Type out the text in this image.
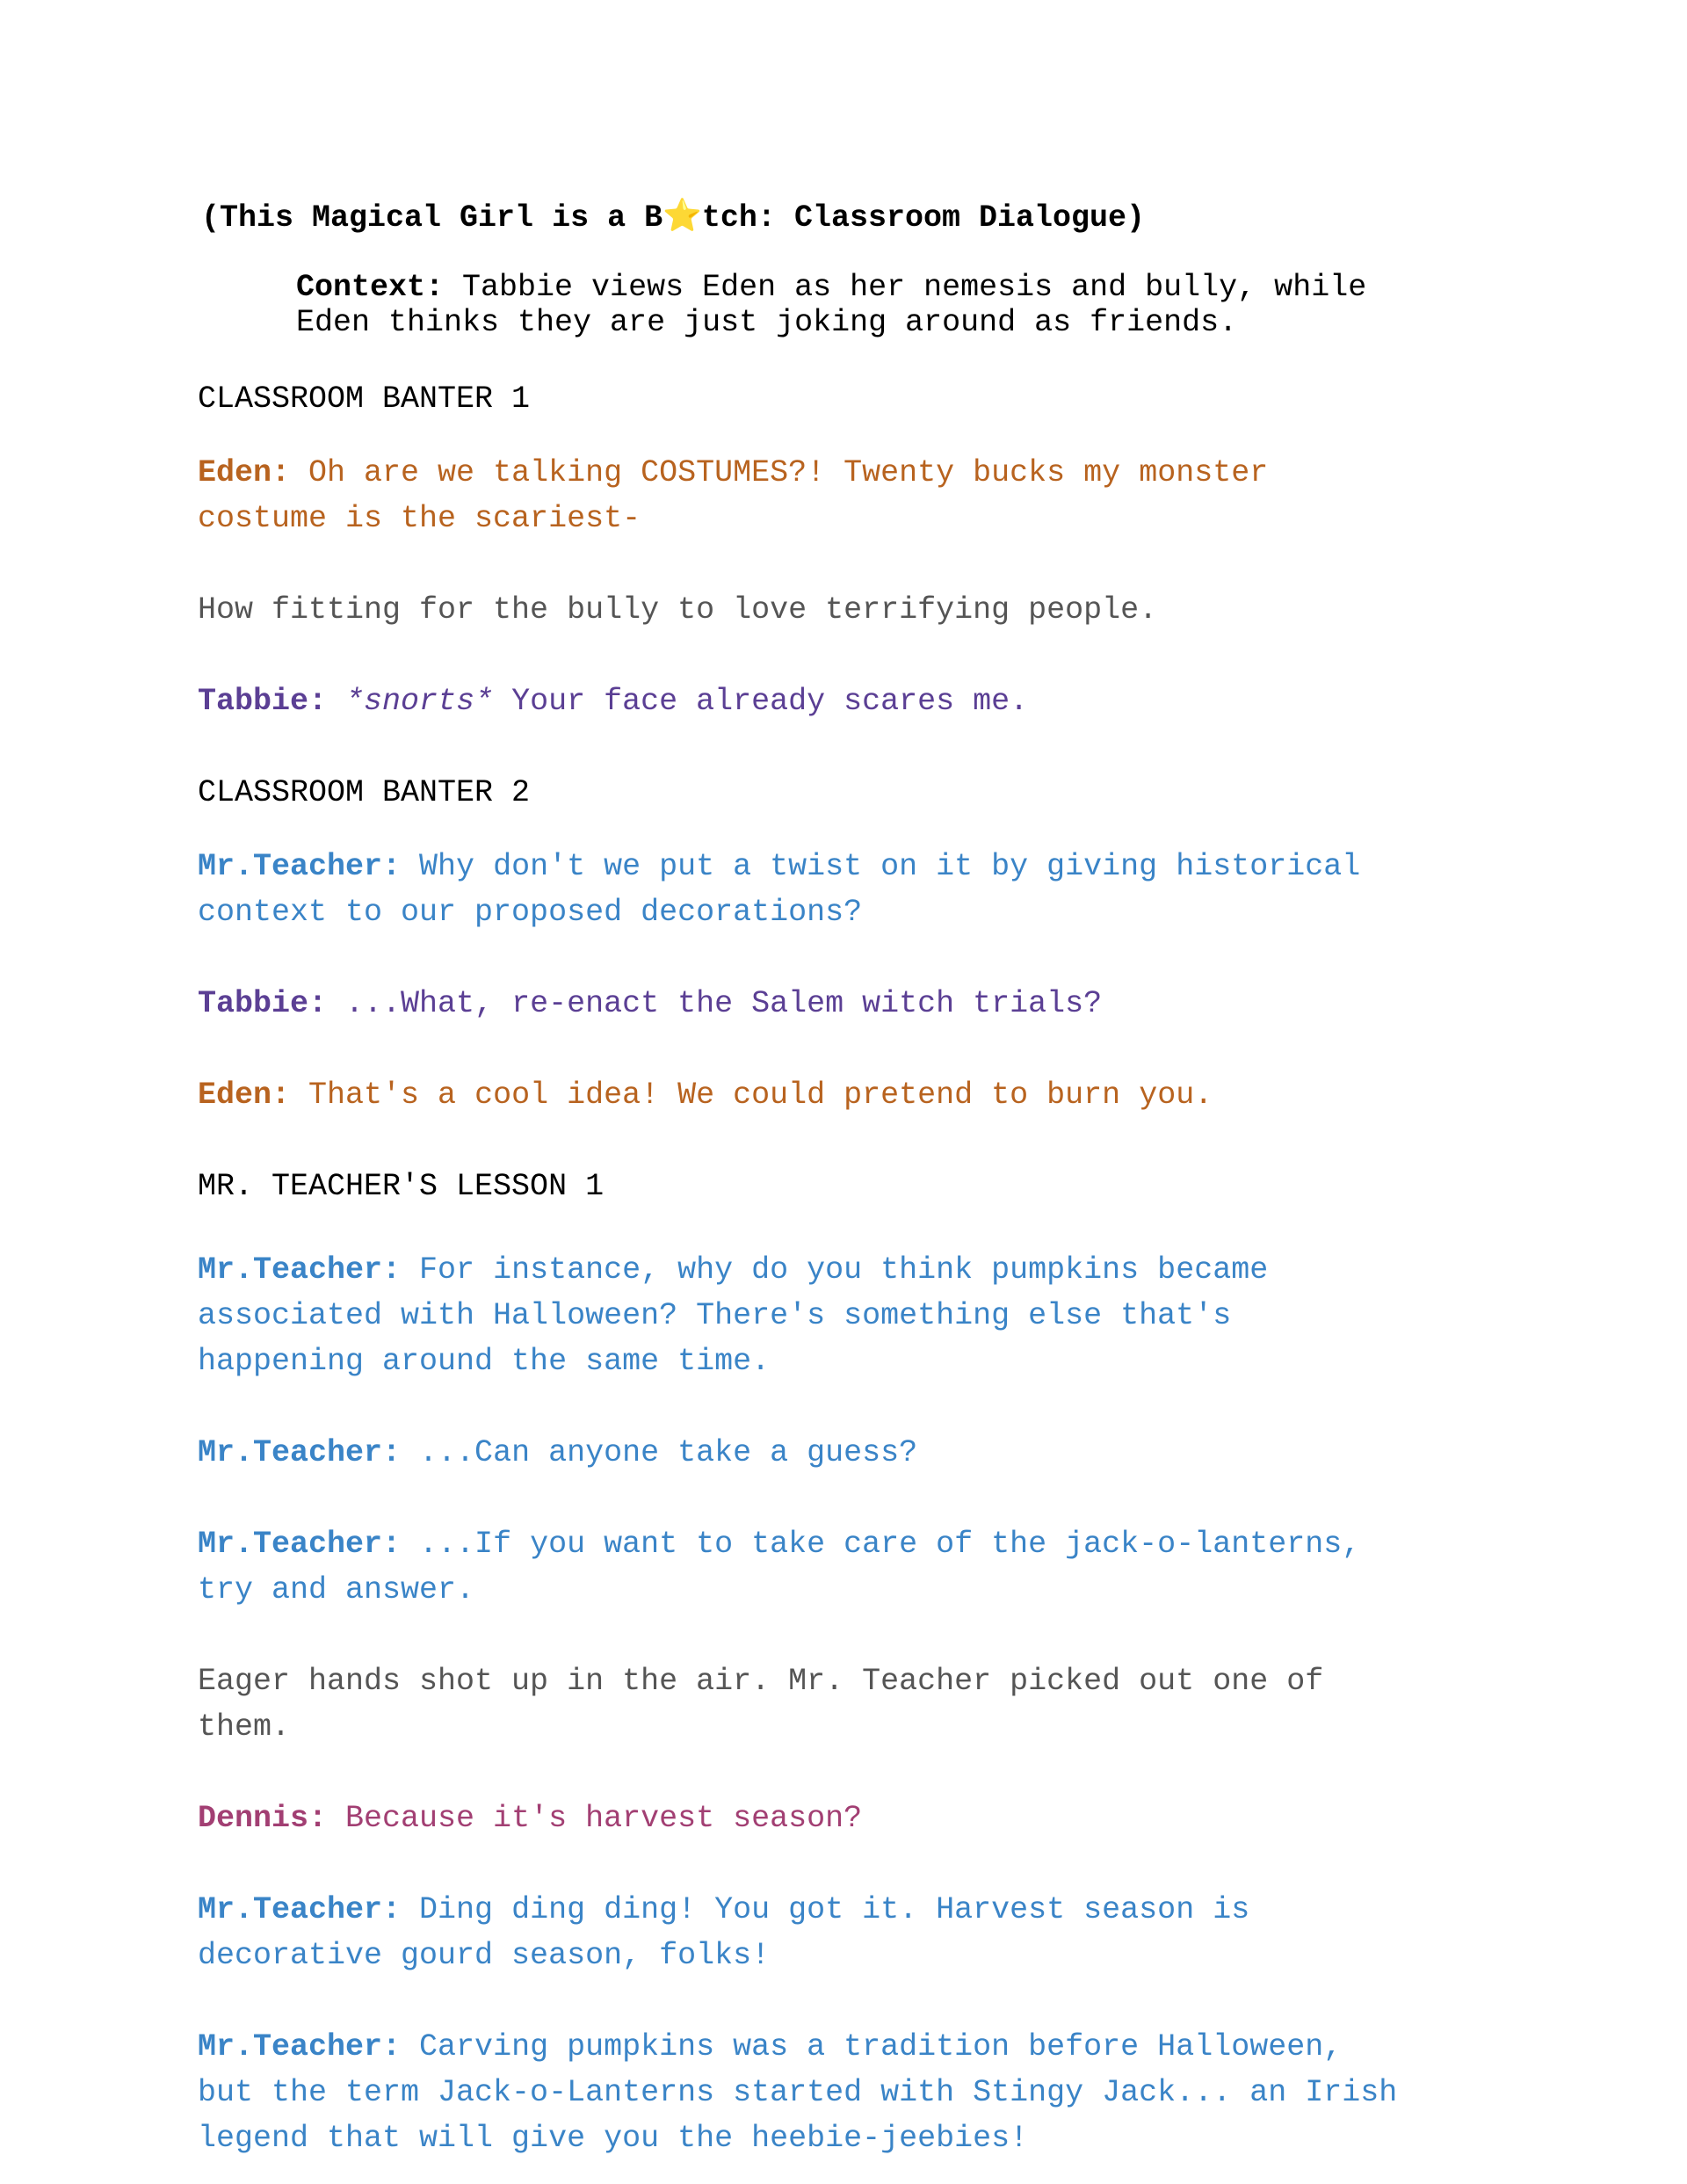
(This Magical Girl is a B⭐tch: Classroom Dialogue)
Context: Tabbie views Eden as her nemesis and bully, while
Eden thinks they are just joking around as friends.
CLASSROOM BANTER 1
Eden: Oh are we talking COSTUMES?! Twenty bucks my monster
costume is the scariest-
How fitting for the bully to love terrifying people.
Tabbie: *snorts* Your face already scares me.
CLASSROOM BANTER 2
Mr.Teacher: Why don't we put a twist on it by giving historical
context to our proposed decorations?
Tabbie: ...What, re-enact the Salem witch trials?
Eden: That's a cool idea! We could pretend to burn you.
MR. TEACHER'S LESSON 1
Mr.Teacher: For instance, why do you think pumpkins became
associated with Halloween? There's something else that's
happening around the same time.
Mr.Teacher: ...Can anyone take a guess?
Mr.Teacher: ...If you want to take care of the jack-o-lanterns,
try and answer.
Eager hands shot up in the air. Mr. Teacher picked out one of
them.
Dennis: Because it's harvest season?
Mr.Teacher: Ding ding ding! You got it. Harvest season is
decorative gourd season, folks!
Mr.Teacher: Carving pumpkins was a tradition before Halloween,
but the term Jack-o-Lanterns started with Stingy Jack... an Irish
legend that will give you the heebie-jeebies!
